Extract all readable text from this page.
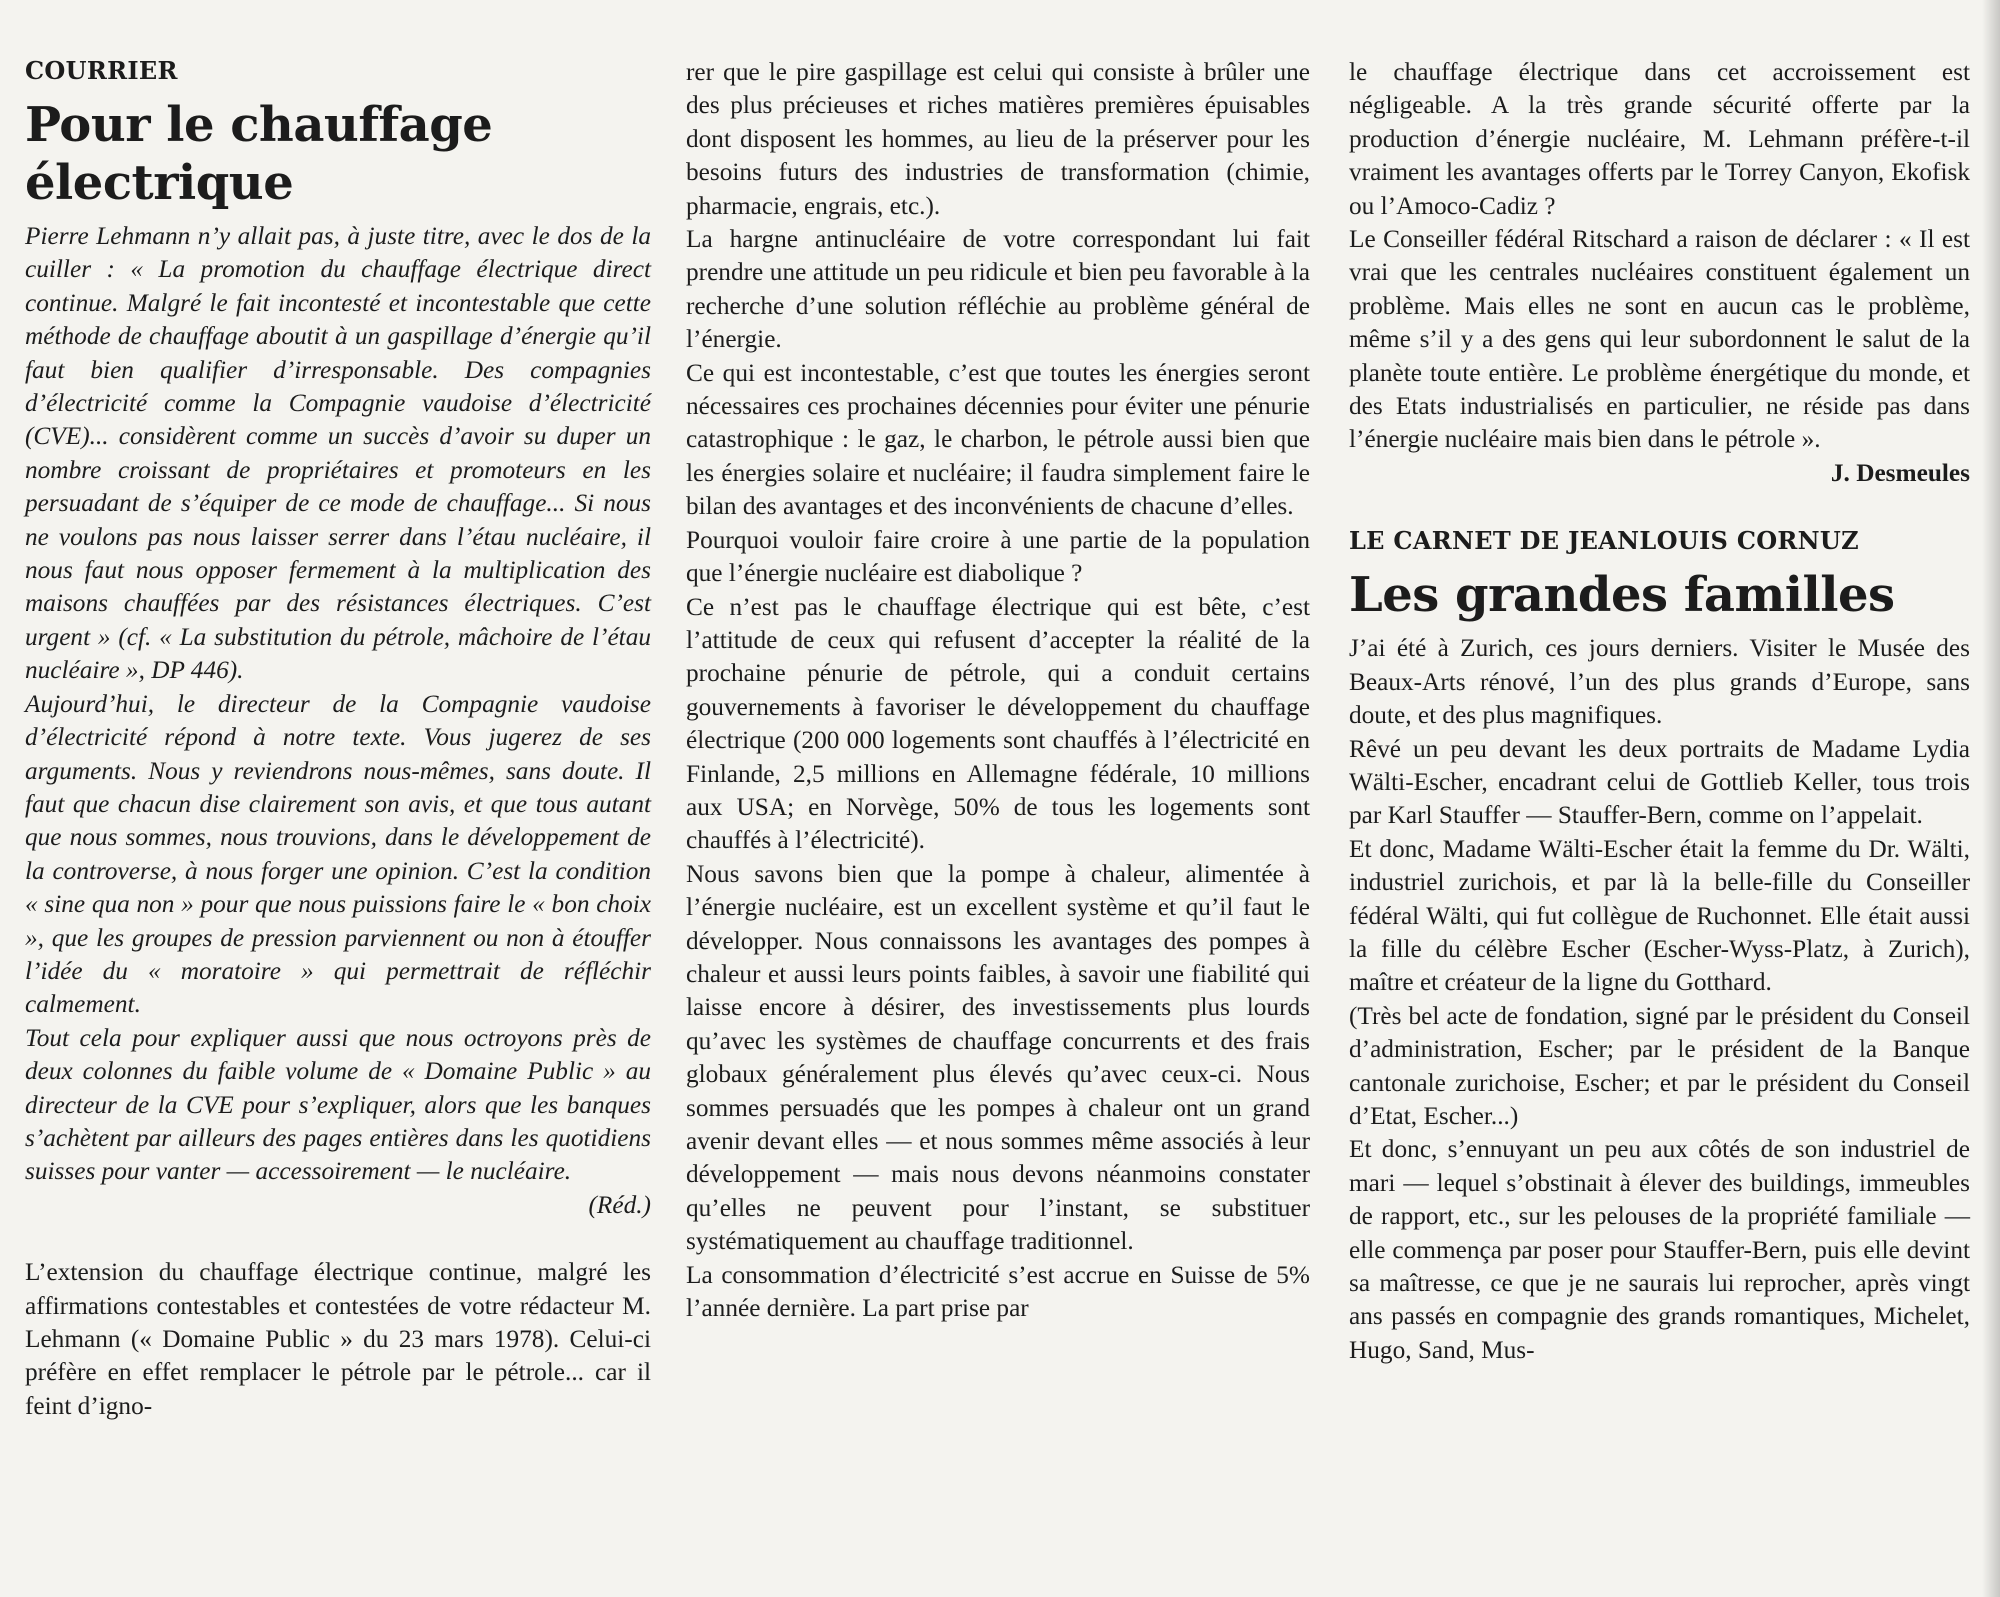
COURRIER

Pour le chauffage électrique

Pierre Lehmann n’y allait pas, à juste titre, avec le dos de la cuiller : « La promotion du chauffage électrique direct continue. Malgré le fait incontesté et incontestable que cette méthode de chauffage aboutit à un gaspillage d’énergie qu’il faut bien qualifier d’irresponsable. Des compagnies d’électricité comme la Compagnie vaudoise d’électricité (CVE)... considèrent comme un succès d’avoir su duper un nombre croissant de propriétaires et promoteurs en les persuadant de s’équiper de ce mode de chauffage... Si nous ne voulons pas nous laisser serrer dans l’étau nucléaire, il nous faut nous opposer fermement à la multiplication des maisons chauffées par des résistances électriques. C’est urgent » (cf. « La substitution du pétrole, mâchoire de l’étau nucléaire », DP 446).

Aujourd’hui, le directeur de la Compagnie vaudoise d’électricité répond à notre texte. Vous jugerez de ses arguments. Nous y reviendrons nous-mêmes, sans doute. Il faut que chacun dise clairement son avis, et que tous autant que nous sommes, nous trouvions, dans le développement de la controverse, à nous forger une opinion. C’est la condition « sine qua non » pour que nous puissions faire le « bon choix », que les groupes de pression parviennent ou non à étouffer l’idée du « moratoire » qui permettrait de réfléchir calmement.

Tout cela pour expliquer aussi que nous octroyons près de deux colonnes du faible volume de « Domaine Public » au directeur de la CVE pour s’expliquer, alors que les banques s’achètent par ailleurs des pages entières dans les quotidiens suisses pour vanter — accessoirement — le nucléaire.

(Réd.)

L’extension du chauffage électrique continue, malgré les affirmations contestables et contestées de votre rédacteur M. Lehmann (« Domaine Public » du 23 mars 1978). Celui-ci préfère en effet remplacer le pétrole par le pétrole... car il feint d’igno-

rer que le pire gaspillage est celui qui consiste à brûler une des plus précieuses et riches matières premières épuisables dont disposent les hommes, au lieu de la préserver pour les besoins futurs des industries de transformation (chimie, pharmacie, engrais, etc.).

La hargne antinucléaire de votre correspondant lui fait prendre une attitude un peu ridicule et bien peu favorable à la recherche d’une solution réfléchie au problème général de l’énergie.

Ce qui est incontestable, c’est que toutes les énergies seront nécessaires ces prochaines décennies pour éviter une pénurie catastrophique : le gaz, le charbon, le pétrole aussi bien que les énergies solaire et nucléaire; il faudra simplement faire le bilan des avantages et des inconvénients de chacune d’elles.

Pourquoi vouloir faire croire à une partie de la population que l’énergie nucléaire est diabolique ?

Ce n’est pas le chauffage électrique qui est bête, c’est l’attitude de ceux qui refusent d’accepter la réalité de la prochaine pénurie de pétrole, qui a conduit certains gouvernements à favoriser le développement du chauffage électrique (200 000 logements sont chauffés à l’électricité en Finlande, 2,5 millions en Allemagne fédérale, 10 millions aux USA; en Norvège, 50% de tous les logements sont chauffés à l’électricité).

Nous savons bien que la pompe à chaleur, alimentée à l’énergie nucléaire, est un excellent système et qu’il faut le développer. Nous connaissons les avantages des pompes à chaleur et aussi leurs points faibles, à savoir une fiabilité qui laisse encore à désirer, des investissements plus lourds qu’avec les systèmes de chauffage concurrents et des frais globaux généralement plus élevés qu’avec ceux-ci. Nous sommes persuadés que les pompes à chaleur ont un grand avenir devant elles — et nous sommes même associés à leur développement — mais nous devons néanmoins constater qu’elles ne peuvent pour l’instant, se substituer systématiquement au chauffage traditionnel.

La consommation d’électricité s’est accrue en Suisse de 5% l’année dernière. La part prise par

le chauffage électrique dans cet accroissement est négligeable. A la très grande sécurité offerte par la production d’énergie nucléaire, M. Lehmann préfère-t-il vraiment les avantages offerts par le Torrey Canyon, Ekofisk ou l’Amoco-Cadiz ?

Le Conseiller fédéral Ritschard a raison de déclarer : « Il est vrai que les centrales nucléaires constituent également un problème. Mais elles ne sont en aucun cas le problème, même s’il y a des gens qui leur subordonnent le salut de la planète toute entière. Le problème énergétique du monde, et des Etats industrialisés en particulier, ne réside pas dans l’énergie nucléaire mais bien dans le pétrole ».

J. Desmeules

LE CARNET DE JEANLOUIS CORNUZ

Les grandes familles

J’ai été à Zurich, ces jours derniers. Visiter le Musée des Beaux-Arts rénové, l’un des plus grands d’Europe, sans doute, et des plus magnifiques.

Rêvé un peu devant les deux portraits de Madame Lydia Wälti-Escher, encadrant celui de Gottlieb Keller, tous trois par Karl Stauffer — Stauffer-Bern, comme on l’appelait.

Et donc, Madame Wälti-Escher était la femme du Dr. Wälti, industriel zurichois, et par là la belle-fille du Conseiller fédéral Wälti, qui fut collègue de Ruchonnet. Elle était aussi la fille du célèbre Escher (Escher-Wyss-Platz, à Zurich), maître et créateur de la ligne du Gotthard.

(Très bel acte de fondation, signé par le président du Conseil d’administration, Escher; par le président de la Banque cantonale zurichoise, Escher; et par le président du Conseil d’Etat, Escher...)

Et donc, s’ennuyant un peu aux côtés de son industriel de mari — lequel s’obstinait à élever des buildings, immeubles de rapport, etc., sur les pelouses de la propriété familiale — elle commença par poser pour Stauffer-Bern, puis elle devint sa maîtresse, ce que je ne saurais lui reprocher, après vingt ans passés en compagnie des grands romantiques, Michelet, Hugo, Sand, Mus-
